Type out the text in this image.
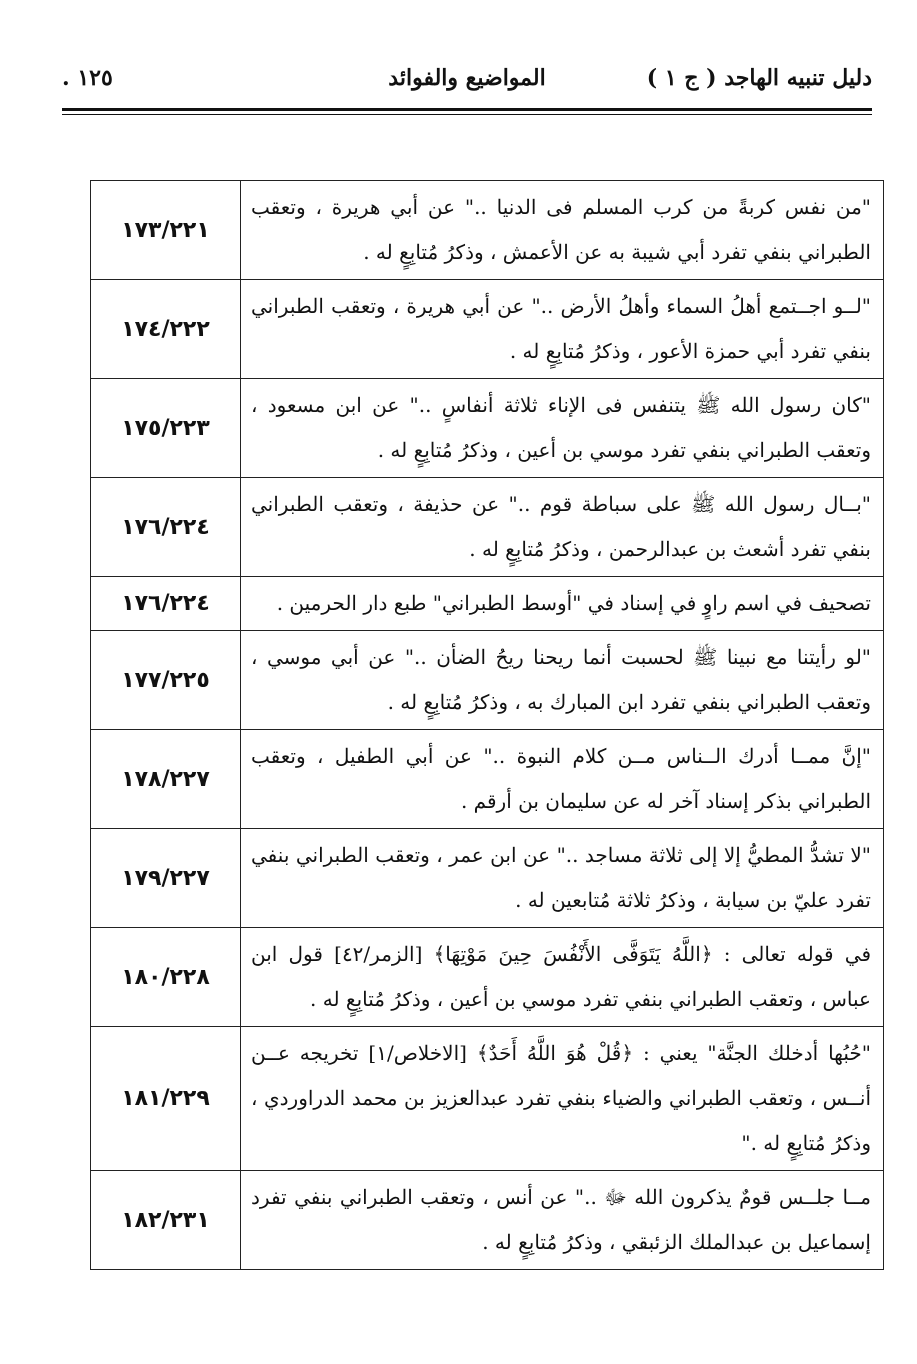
دليل تنبيه الهاجد ( ج ١ )
المواضيع والفوائد
١٢٥ .
"من نفس كربةً من كرب المسلم فى الدنيا .." عن أبي هريرة ، وتعقب الطبراني بنفي تفرد أبي شيبة به عن الأعمش ، وذكرُ مُتابِعٍ له .	١٧٣/٢٢١
"لــو اجــتمع أهلُ السماء وأهلُ الأرض .." عن أبي هريرة ، وتعقب الطبراني بنفي تفرد أبي حمزة الأعور ، وذكرُ مُتابِعٍ له .	١٧٤/٢٢٢
"كان رسول الله ﷺ يتنفس فى الإناء ثلاثة أنفاسٍ .." عن ابن مسعود ، وتعقب الطبراني بنفي تفرد موسي بن أعين ، وذكرُ مُتابِعٍ له .	١٧٥/٢٢٣
"بــال رسول الله ﷺ على سباطة قوم .." عن حذيفة ، وتعقب الطبراني بنفي تفرد أشعث بن عبدالرحمن ، وذكرُ مُتابِعٍ له .	١٧٦/٢٢٤
تصحيف في اسم راوٍ في إسناد في "أوسط الطبراني" طبع دار الحرمين .	١٧٦/٢٢٤
"لو رأيتنا مع نبينا ﷺ لحسبت أنما ريحنا ريحُ الضأن .." عن أبي موسي ، وتعقب الطبراني بنفي تفرد ابن المبارك به ، وذكرُ مُتابِعٍ له .	١٧٧/٢٢٥
"إنَّ ممــا أدرك الــناس مــن كلام النبوة .." عن أبي الطفيل ، وتعقب الطبراني بذكر إسناد آخر له عن سليمان بن أرقم .	١٧٨/٢٢٧
"لا تشدُّ المطيُّ إلا إلى ثلاثة مساجد .." عن ابن عمر ، وتعقب الطبراني بنفي تفرد عليّ بن سيابة ، وذكرُ ثلاثة مُتابعين له .	١٧٩/٢٢٧
في قوله تعالى : ﴿اللَّهُ يَتَوَفَّى الأَنْفُسَ حِينَ مَوْتِهَا﴾ [الزمر/٤٢] قول ابن عباس ، وتعقب الطبراني بنفي تفرد موسي بن أعين ، وذكرُ مُتابِعٍ له .	١٨٠/٢٢٨
"حُبُها أدخلك الجنَّة" يعني : ﴿قُلْ هُوَ اللَّهُ أَحَدٌ﴾ [الاخلاص/١] تخريجه عــن أنــس ، وتعقب الطبراني والضياء بنفي تفرد عبدالعزيز بن محمد الدراوردي ، وذكرُ مُتابِعٍ له ."	١٨١/٢٢٩
مــا جلــس قومٌ يذكرون الله ﷻ .." عن أنس ، وتعقب الطبراني بنفي تفرد إسماعيل بن عبدالملك الزئبقي ، وذكرُ مُتابِعٍ له .	١٨٢/٢٣١
